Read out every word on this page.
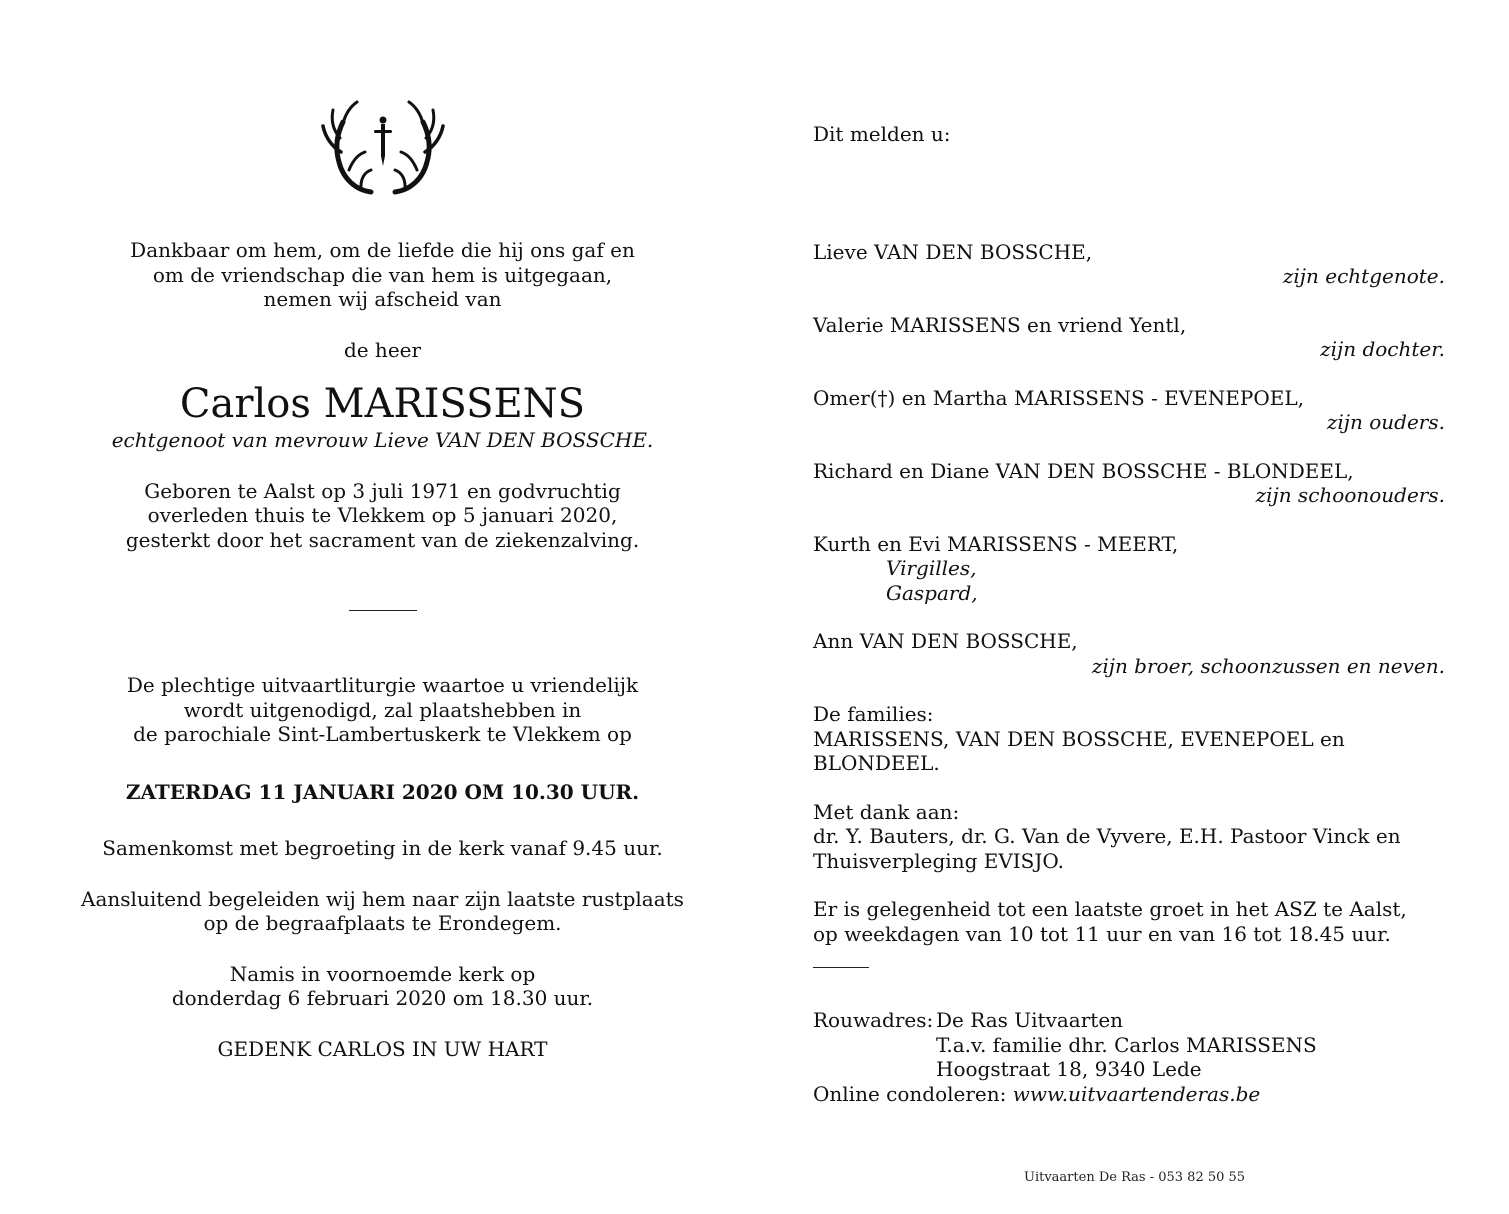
Dankbaar om hem, om de liefde die hij ons gaf en

om de vriendschap die van hem is uitgegaan,

nemen wij afscheid van

de heer

Carlos MARISSENS

echtgenoot van mevrouw Lieve VAN DEN BOSSCHE.

Geboren te Aalst op 3 juli 1971 en godvruchtig

overleden thuis te Vlekkem op 5 januari 2020,

gesterkt door het sacrament van de ziekenzalving.

De plechtige uitvaartliturgie waartoe u vriendelijk

wordt uitgenodigd, zal plaatshebben in

de parochiale Sint-Lambertuskerk te Vlekkem op

ZATERDAG 11 JANUARI 2020 OM 10.30 UUR.

Samenkomst met begroeting in de kerk vanaf 9.45 uur.

Aansluitend begeleiden wij hem naar zijn laatste rustplaats

op de begraafplaats te Erondegem.

Namis in voornoemde kerk op

donderdag 6 februari 2020 om 18.30 uur.

GEDENK CARLOS IN UW HART

Dit melden u:

Lieve VAN DEN BOSSCHE,

zijn echtgenote.

Valerie MARISSENS en vriend Yentl,

zijn dochter.

Omer(†) en Martha MARISSENS - EVENEPOEL,

zijn ouders.

Richard en Diane VAN DEN BOSSCHE - BLONDEEL,

zijn schoonouders.

Kurth en Evi MARISSENS - MEERT,

Virgilles,

Gaspard,

Ann VAN DEN BOSSCHE,

zijn broer, schoonzussen en neven.

De families:

MARISSENS, VAN DEN BOSSCHE, EVENEPOEL en BLONDEEL.

Met dank aan:

dr. Y. Bauters, dr. G. Van de Vyvere, E.H. Pastoor Vinck en

Thuisverpleging EVISJO.

Er is gelegenheid tot een laatste groet in het ASZ te Aalst,

op weekdagen van 10 tot 11 uur en van 16 tot 18.45 uur.

Rouwadres: De Ras Uitvaarten
T.a.v. familie dhr. Carlos MARISSENS
Hoogstraat 18, 9340 Lede

Online condoleren: www.uitvaartenderas.be

Uitvaarten De Ras - 053 82 50 55
